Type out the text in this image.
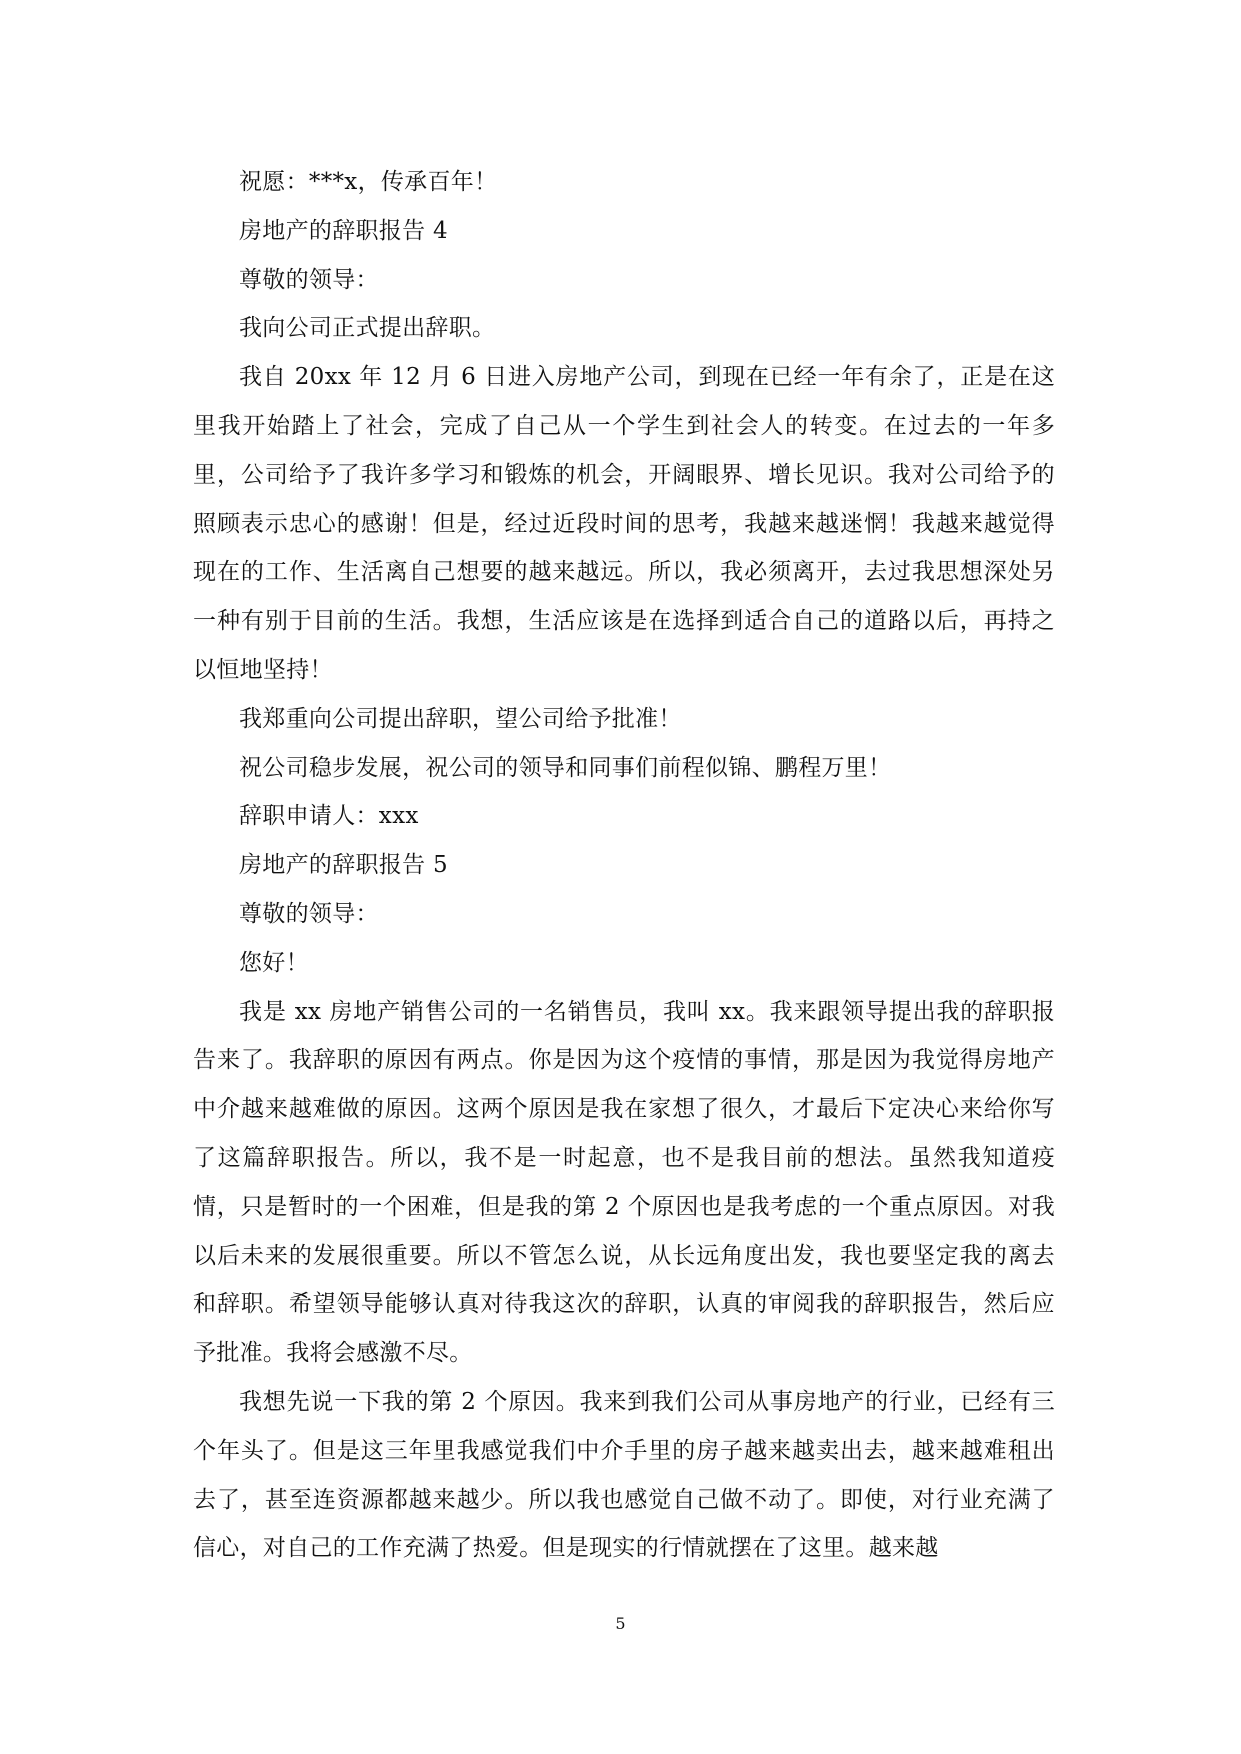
祝愿：***x，传承百年！

房地产的辞职报告 4

尊敬的领导：

我向公司正式提出辞职。

我自 20xx 年 12 月 6 日进入房地产公司，到现在已经一年有余了，正是在这里我开始踏上了社会，完成了自己从一个学生到社会人的转变。在过去的一年多里，公司给予了我许多学习和锻炼的机会，开阔眼界、增长见识。我对公司给予的照顾表示忠心的感谢！但是，经过近段时间的思考，我越来越迷惘！我越来越觉得现在的工作、生活离自己想要的越来越远。所以，我必须离开，去过我思想深处另一种有别于目前的生活。我想，生活应该是在选择到适合自己的道路以后，再持之以恒地坚持！

我郑重向公司提出辞职，望公司给予批准！

祝公司稳步发展，祝公司的领导和同事们前程似锦、鹏程万里！

辞职申请人：xxx

房地产的辞职报告 5

尊敬的领导：

您好！

我是 xx 房地产销售公司的一名销售员，我叫 xx。我来跟领导提出我的辞职报告来了。我辞职的原因有两点。你是因为这个疫情的事情，那是因为我觉得房地产中介越来越难做的原因。这两个原因是我在家想了很久，才最后下定决心来给你写了这篇辞职报告。所以，我不是一时起意，也不是我目前的想法。虽然我知道疫情，只是暂时的一个困难，但是我的第 2 个原因也是我考虑的一个重点原因。对我以后未来的发展很重要。所以不管怎么说，从长远角度出发，我也要坚定我的离去和辞职。希望领导能够认真对待我这次的辞职，认真的审阅我的辞职报告，然后应予批准。我将会感激不尽。

我想先说一下我的第 2 个原因。我来到我们公司从事房地产的行业，已经有三个年头了。但是这三年里我感觉我们中介手里的房子越来越卖出去，越来越难租出去了，甚至连资源都越来越少。所以我也感觉自己做不动了。即使，对行业充满了信心，对自己的工作充满了热爱。但是现实的行情就摆在了这里。越来越

5
